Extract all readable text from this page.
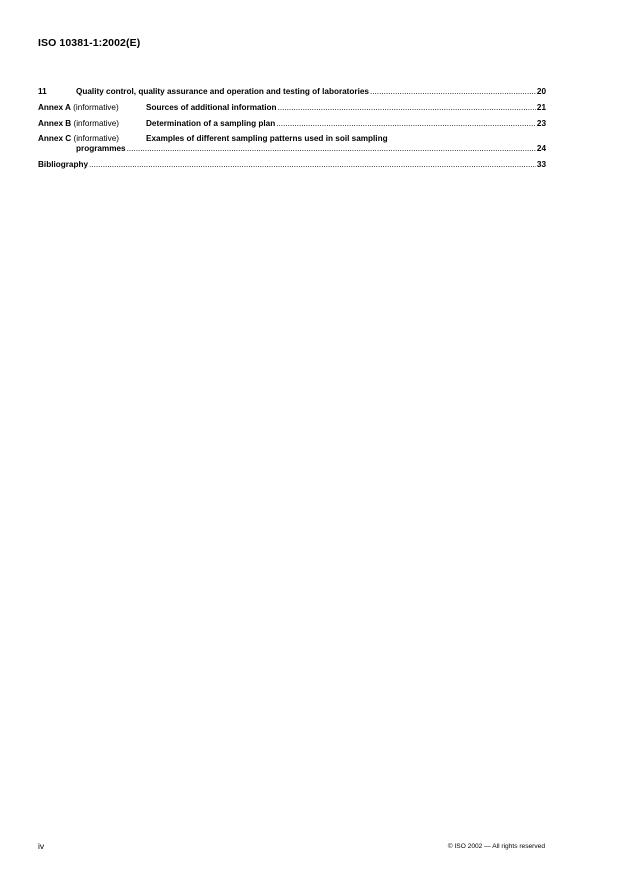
ISO 10381-1:2002(E)
11	Quality control, quality assurance and operation and testing of laboratories .....	20
Annex A (informative)	Sources of additional information .....	21
Annex B (informative)	Determination of a sampling plan .....	23
Annex C (informative)	Examples of different sampling patterns used in soil sampling
programmes .....	24
Bibliography .....	33
iv	© ISO 2002 — All rights reserved
